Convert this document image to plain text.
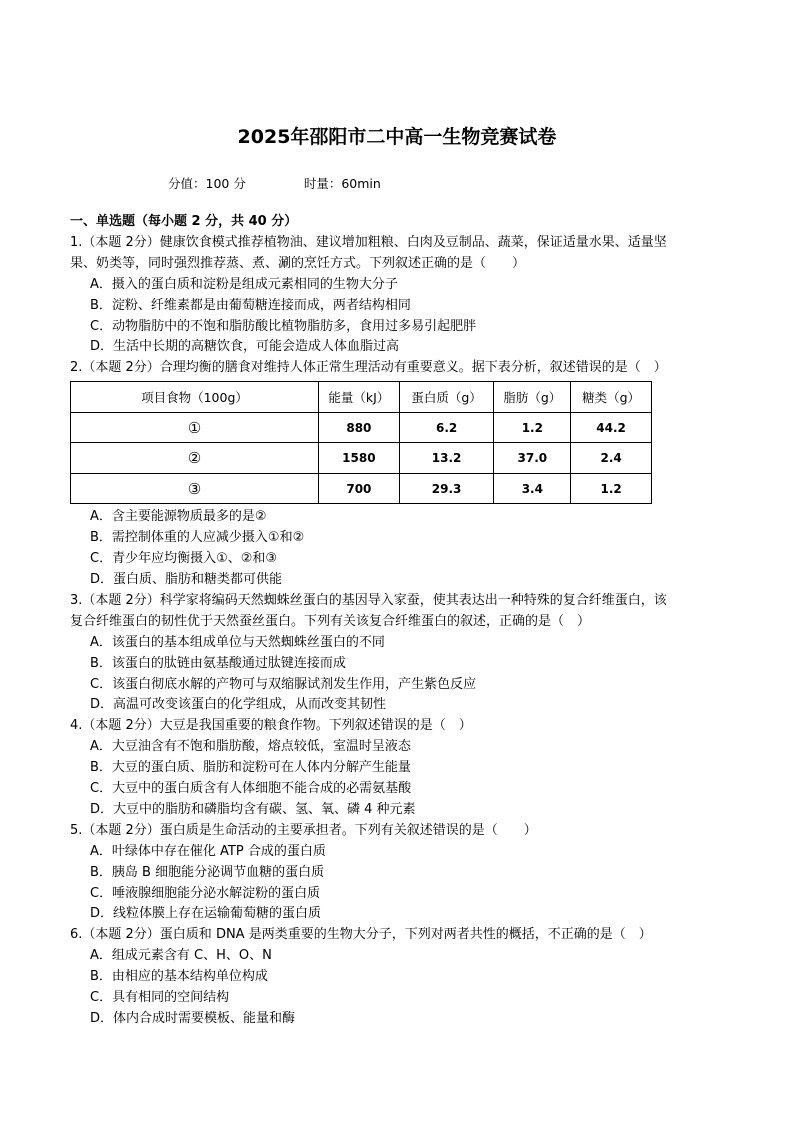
2025年邵阳市二中高一生物竞赛试卷
分值：100 分	时量：60min
一、单选题（每小题 2 分，共 40 分）
1.（本题 2分）健康饮食模式推荐植物油、建议增加粗粮、白肉及豆制品、蔬菜，保证适量水果、适量坚
果、奶类等，同时强烈推荐蒸、煮、涮的烹饪方式。下列叙述正确的是（　　）
A．摄入的蛋白质和淀粉是组成元素相同的生物大分子
B．淀粉、纤维素都是由葡萄糖连接而成，两者结构相同
C．动物脂肪中的不饱和脂肪酸比植物脂肪多，食用过多易引起肥胖
D．生活中长期的高糖饮食，可能会造成人体血脂过高
2.（本题 2分）合理均衡的膳食对维持人体正常生理活动有重要意义。据下表分析，叙述错误的是（　）
项目食物（100g）	能量（kJ）	蛋白质（g）	脂肪（g）	糖类（g）
①	880	6.2	1.2	44.2
②	1580	13.2	37.0	2.4
③	700	29.3	3.4	1.2
A．含主要能源物质最多的是②
B．需控制体重的人应减少摄入①和②
C．青少年应均衡摄入①、②和③
D．蛋白质、脂肪和糖类都可供能
3.（本题 2分）科学家将编码天然蜘蛛丝蛋白的基因导入家蚕，使其表达出一种特殊的复合纤维蛋白，该
复合纤维蛋白的韧性优于天然蚕丝蛋白。下列有关该复合纤维蛋白的叙述，正确的是（　）
A．该蛋白的基本组成单位与天然蜘蛛丝蛋白的不同
B．该蛋白的肽链由氨基酸通过肽键连接而成
C．该蛋白彻底水解的产物可与双缩脲试剂发生作用，产生紫色反应
D．高温可改变该蛋白的化学组成，从而改变其韧性
4.（本题 2分）大豆是我国重要的粮食作物。下列叙述错误的是（　）
A．大豆油含有不饱和脂肪酸，熔点较低，室温时呈液态
B．大豆的蛋白质、脂肪和淀粉可在人体内分解产生能量
C．大豆中的蛋白质含有人体细胞不能合成的必需氨基酸
D．大豆中的脂肪和磷脂均含有碳、氢、氧、磷 4 种元素
5.（本题 2分）蛋白质是生命活动的主要承担者。下列有关叙述错误的是（　　）
A．叶绿体中存在催化 ATP 合成的蛋白质
B．胰岛 B 细胞能分泌调节血糖的蛋白质
C．唾液腺细胞能分泌水解淀粉的蛋白质
D．线粒体膜上存在运输葡萄糖的蛋白质
6.（本题 2分）蛋白质和 DNA 是两类重要的生物大分子，下列对两者共性的概括，不正确的是（　）
A．组成元素含有 C、H、O、N
B．由相应的基本结构单位构成
C．具有相同的空间结构
D．体内合成时需要模板、能量和酶
